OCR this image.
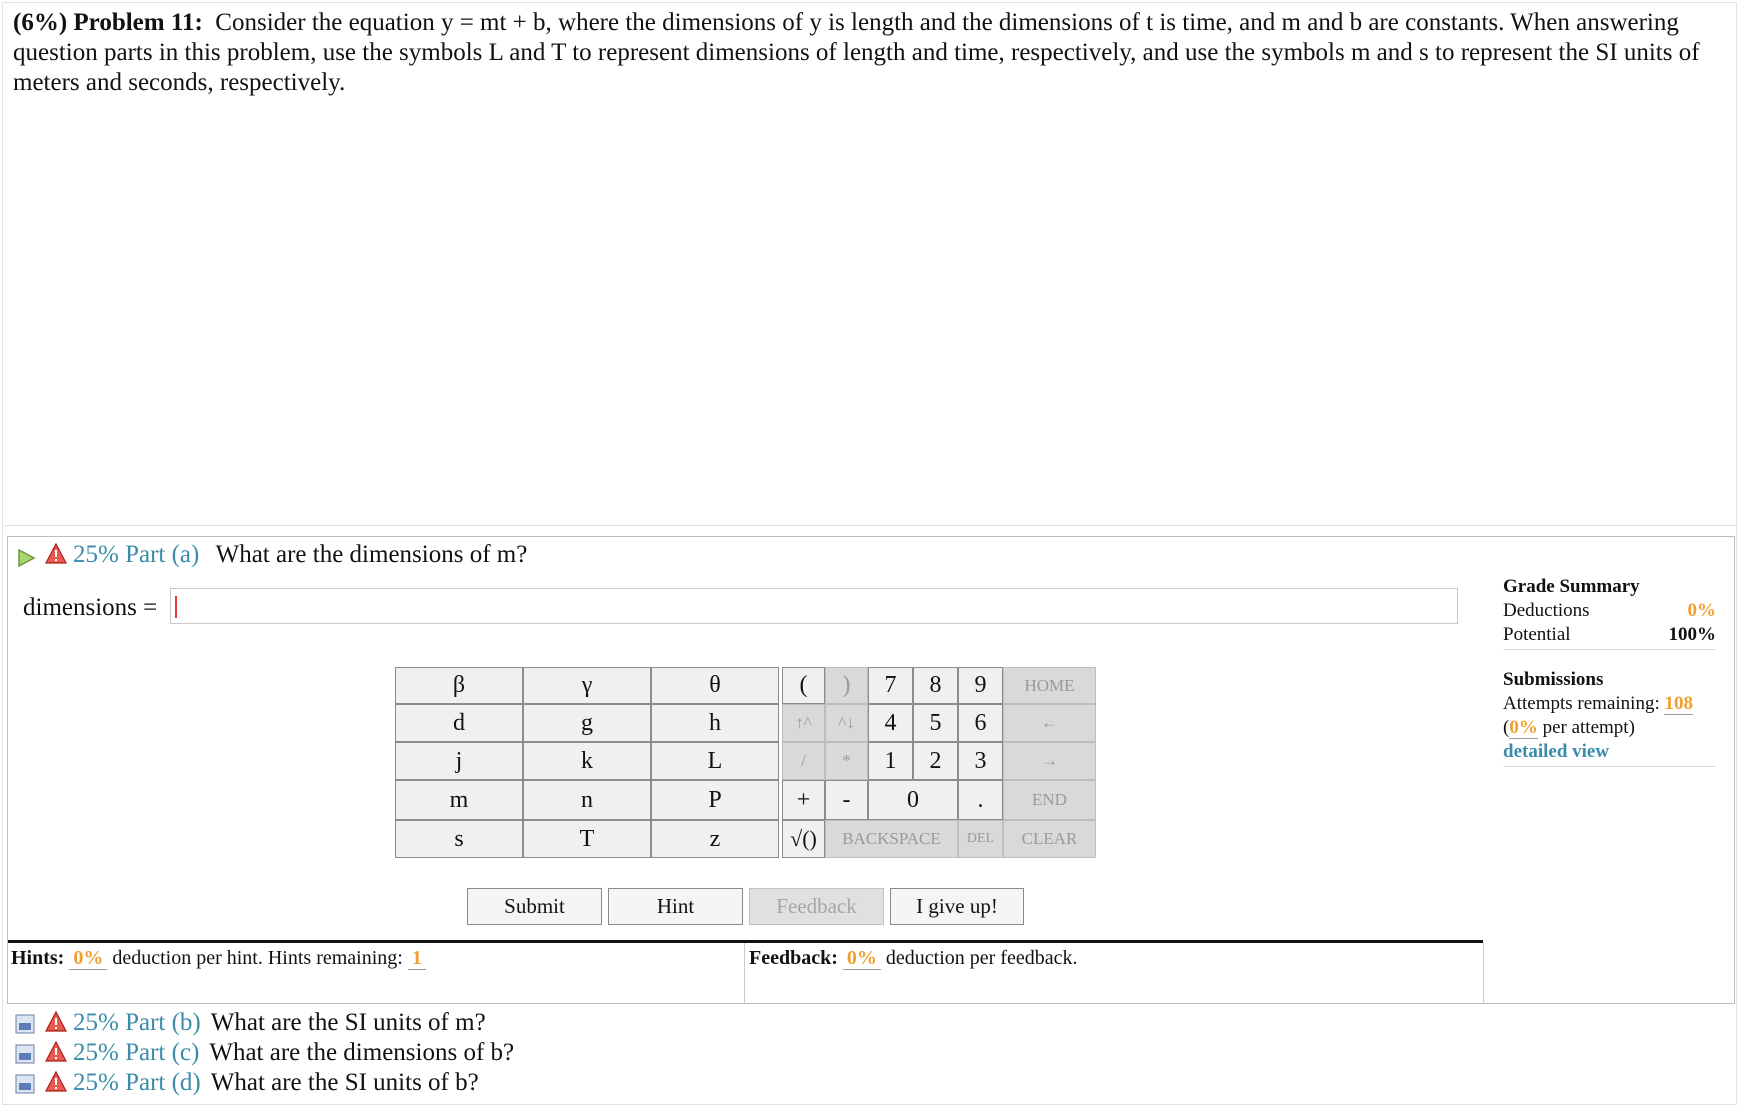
(6%) Problem 11: Consider the equation y = mt + b, where the dimensions of y is length and the dimensions of t is time, and m and b are constants. When answering question parts in this problem, use the symbols L and T to represent dimensions of length and time, respectively, and use the symbols m and s to represent the SI units of meters and seconds, respectively.
25% Part (a) What are the dimensions of m?
dimensions =
β	γ	θ
d	g	h
j	k	L
m	n	P
s	T	z
(	)	7	8	9	HOME
↑^	^↓	4	5	6	←
/	*	1	2	3	→
+	-	0	.	END
√()	BACKSPACE	DEL	CLEAR
Submit	Hint	Feedback	I give up!
Hints: 0% deduction per hint. Hints remaining: 1	Feedback: 0% deduction per feedback.
Grade Summary
Deductions	0%
Potential	100%
Submissions
Attempts remaining: 108
(0% per attempt)
detailed view
25% Part (b) What are the SI units of m?
25% Part (c) What are the dimensions of b?
25% Part (d) What are the SI units of b?
